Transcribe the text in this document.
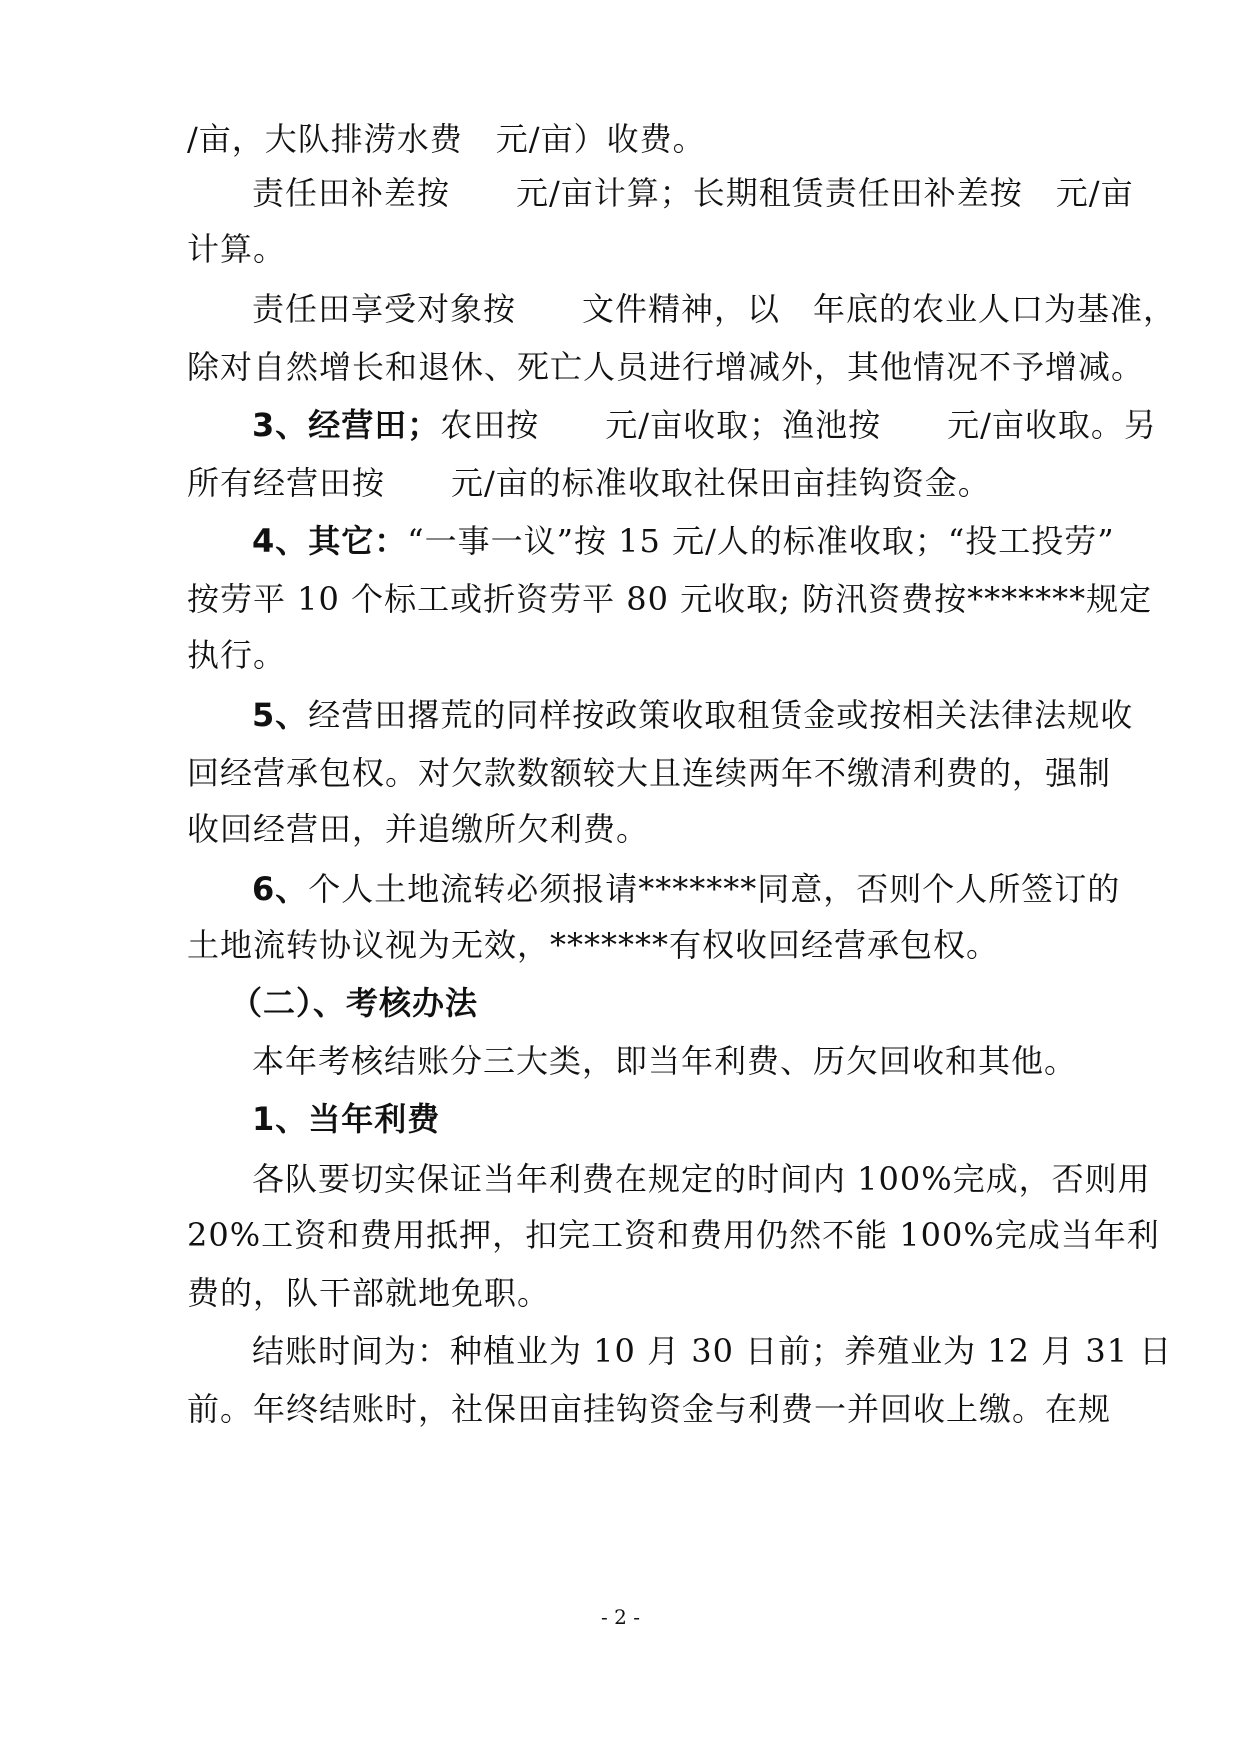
/亩，大队排涝水费　元/亩）收费。
责任田补差按　　元/亩计算；长期租赁责任田补差按　元/亩
计算。
责任田享受对象按　　文件精神，以　年底的农业人口为基准，
除对自然增长和退休、死亡人员进行增减外，其他情况不予增减。
3、经营田；农田按　　元/亩收取；渔池按　　元/亩收取。另
所有经营田按　　元/亩的标准收取社保田亩挂钩资金。
4、其它：“一事一议”按 15 元/人的标准收取；“投工投劳”
按劳平 10 个标工或折资劳平 80 元收取; 防汛资费按*******规定
执行。
5、经营田撂荒的同样按政策收取租赁金或按相关法律法规收
回经营承包权。对欠款数额较大且连续两年不缴清利费的，强制
收回经营田，并追缴所欠利费。
6、个人土地流转必须报请*******同意，否则个人所签订的
土地流转协议视为无效，*******有权收回经营承包权。
（二）、考核办法
本年考核结账分三大类，即当年利费、历欠回收和其他。
1、当年利费
各队要切实保证当年利费在规定的时间内 100%完成，否则用
20%工资和费用抵押，扣完工资和费用仍然不能 100%完成当年利
费的，队干部就地免职。
结账时间为：种植业为 10 月 30 日前；养殖业为 12 月 31 日
前。年终结账时，社保田亩挂钩资金与利费一并回收上缴。在规
- 2 -
